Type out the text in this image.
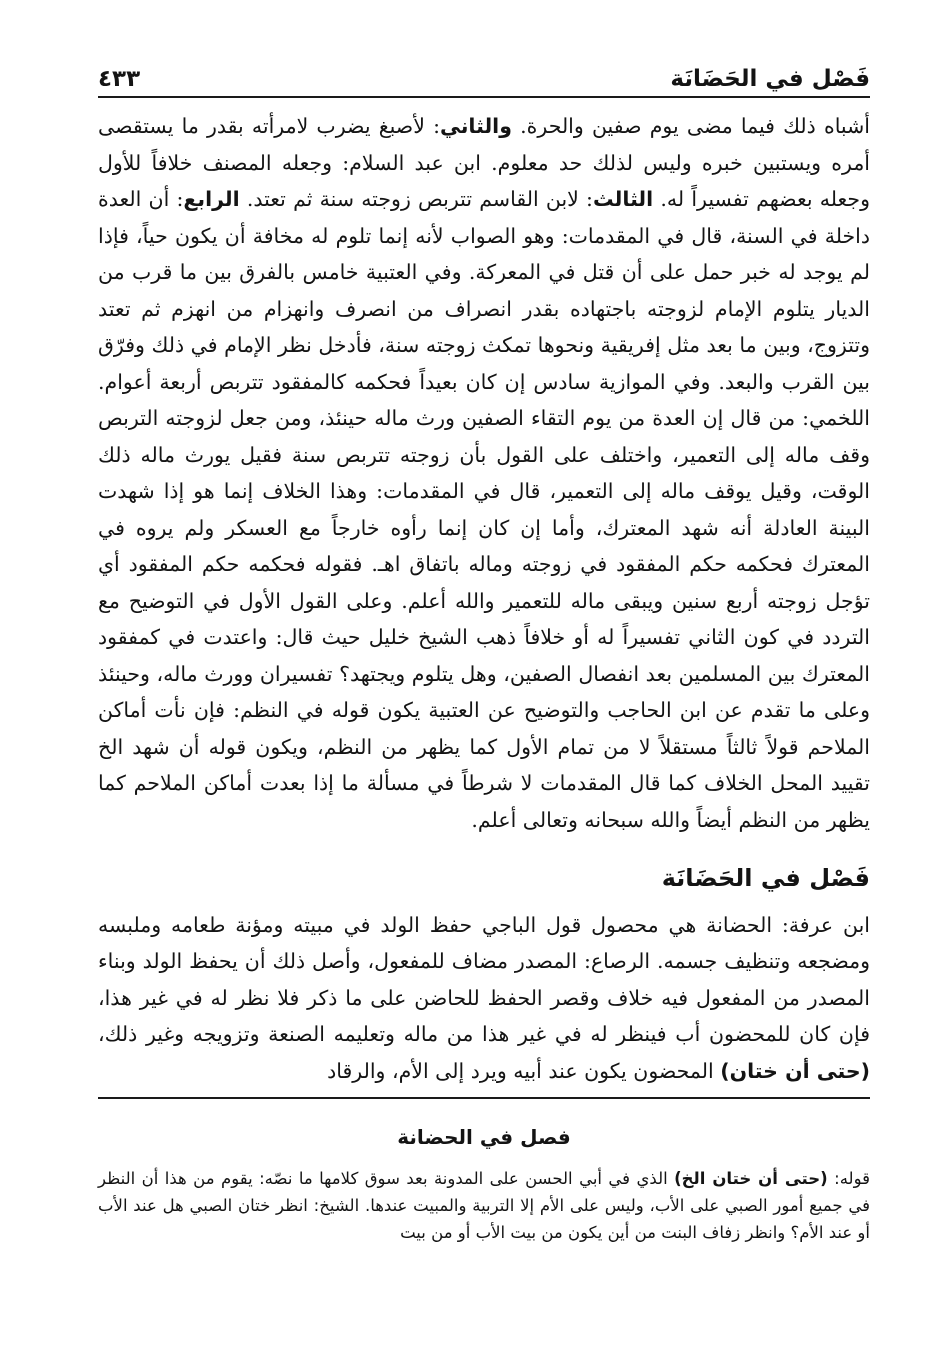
فَصْل في الحَضَانَة
٤٣٣

أشباه ذلك فيما مضى يوم صفين والحرة. والثاني: لأصبغ يضرب لامرأته بقدر ما يستقصى أمره ويستبين خبره وليس لذلك حد معلوم. ابن عبد السلام: وجعله المصنف خلافاً للأول وجعله بعضهم تفسيراً له. الثالث: لابن القاسم تتربص زوجته سنة ثم تعتد. الرابع: أن العدة داخلة في السنة، قال في المقدمات: وهو الصواب لأنه إنما تلوم له مخافة أن يكون حياً، فإذا لم يوجد له خبر حمل على أن قتل في المعركة. وفي العتبية خامس بالفرق بين ما قرب من الديار يتلوم الإمام لزوجته باجتهاده بقدر انصراف من انصرف وانهزام من انهزم ثم تعتد وتتزوج، وبين ما بعد مثل إفريقية ونحوها تمكث زوجته سنة، فأدخل نظر الإمام في ذلك وفرّق بين القرب والبعد. وفي الموازية سادس إن كان بعيداً فحكمه كالمفقود تتربص أربعة أعوام. اللخمي: من قال إن العدة من يوم التقاء الصفين ورث ماله حينئذ، ومن جعل لزوجته التربص وقف ماله إلى التعمير، واختلف على القول بأن زوجته تتربص سنة فقيل يورث ماله ذلك الوقت، وقيل يوقف ماله إلى التعمير، قال في المقدمات: وهذا الخلاف إنما هو إذا شهدت البينة العادلة أنه شهد المعترك، وأما إن كان إنما رأوه خارجاً مع العسكر ولم يروه في المعترك فحكمه حكم المفقود في زوجته وماله باتفاق اهـ. فقوله فحكمه حكم المفقود أي تؤجل زوجته أربع سنين ويبقى ماله للتعمير والله أعلم. وعلى القول الأول في التوضيح مع التردد في كون الثاني تفسيراً له أو خلافاً ذهب الشيخ خليل حيث قال: واعتدت في كمفقود المعترك بين المسلمين بعد انفصال الصفين، وهل يتلوم ويجتهد؟ تفسيران وورث ماله، وحينئذ وعلى ما تقدم عن ابن الحاجب والتوضيح عن العتبية يكون قوله في النظم: فإن نأت أماكن الملاحم قولاً ثالثاً مستقلاً لا من تمام الأول كما يظهر من النظم، ويكون قوله أن شهد الخ تقييد المحل الخلاف كما قال المقدمات لا شرطاً في مسألة ما إذا بعدت أماكن الملاحم كما يظهر من النظم أيضاً والله سبحانه وتعالى أعلم.

فَصْل في الحَضَانَة

ابن عرفة: الحضانة هي محصول قول الباجي حفظ الولد في مبيته ومؤنة طعامه وملبسه ومضجعه وتنظيف جسمه. الرصاع: المصدر مضاف للمفعول، وأصل ذلك أن يحفظ الولد وبناء المصدر من المفعول فيه خلاف وقصر الحفظ للحاضن على ما ذكر فلا نظر له في غير هذا، فإن كان للمحضون أب فينظر له في غير هذا من ماله وتعليمه الصنعة وتزويجه وغير ذلك، (حتى أن ختان) المحضون يكون عند أبيه ويرد إلى الأم، والرقاد

فصل في الحضانة

قوله: (حتى أن ختان الخ) الذي في أبي الحسن على المدونة بعد سوق كلامها ما نصّه: يقوم من هذا أن النظر في جميع أمور الصبي على الأب، وليس على الأم إلا التربية والمبيت عندها. الشيخ: انظر ختان الصبي هل عند الأب أو عند الأم؟ وانظر زفاف البنت من أين يكون من بيت الأب أو من بيت
